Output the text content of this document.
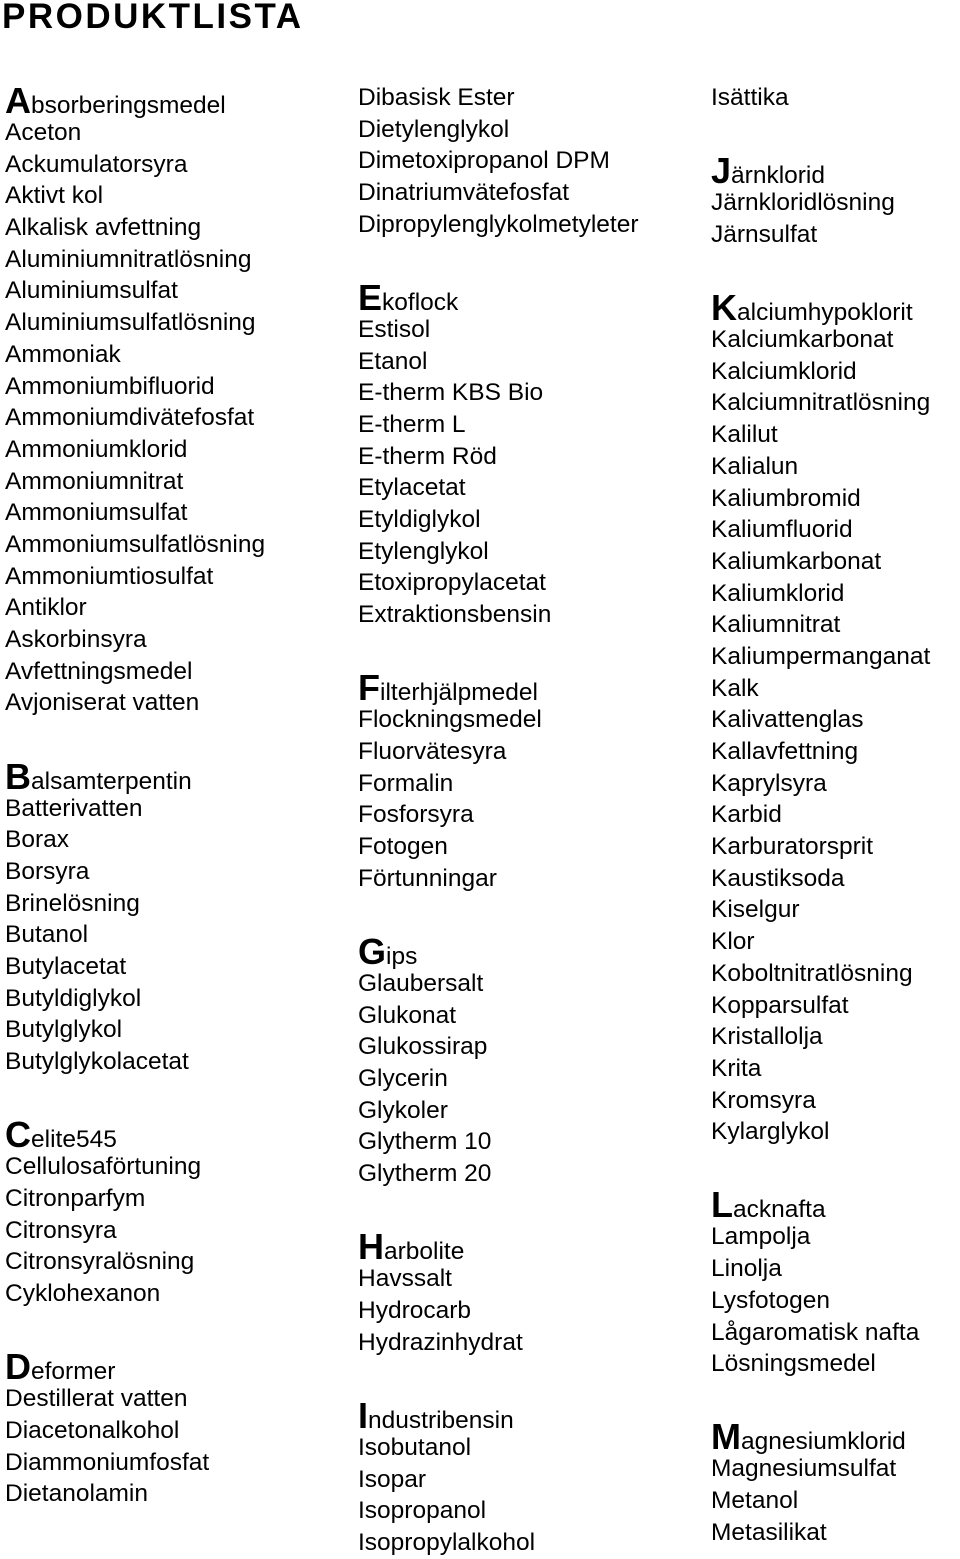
PRODUKTLISTA
Absorberingsmedel
Aceton
Ackumulatorsyra
Aktivt kol
Alkalisk avfettning
Aluminiumnitratlösning
Aluminiumsulfat
Aluminiumsulfatlösning
Ammoniak
Ammoniumbifluorid
Ammoniumdivätefosfat
Ammoniumklorid
Ammoniumnitrat
Ammoniumsulfat
Ammoniumsulfatlösning
Ammoniumtiosulfat
Antiklor
Askorbinsyra
Avfettningsmedel
Avjoniserat vatten
Balsamterpentin
Batterivatten
Borax
Borsyra
Brinelösning
Butanol
Butylacetat
Butyldiglykol
Butylglykol
Butylglykolacetat
Celite545
Cellulosaförtuning
Citronparfym
Citronsyra
Citronsyralösning
Cyklohexanon
Deformer
Destillerat vatten
Diacetonalkohol
Diammoniumfosfat
Dietanolamin
Dibasisk Ester
Dietylenglykol
Dimetoxipropanol DPM
Dinatriumvätefosfat
Dipropylenglykolmetyleter
Ekoflock
Estisol
Etanol
E-therm KBS Bio
E-therm L
E-therm Röd
Etylacetat
Etyldiglykol
Etylenglykol
Etoxipropylacetat
Extraktionsbensin
Filterhjälpmedel
Flockningsmedel
Fluorvätesyra
Formalin
Fosforsyra
Fotogen
Förtunningar
Gips
Glaubersalt
Glukonat
Glukossirap
Glycerin
Glykoler
Glytherm 10
Glytherm 20
Harbolite
Havssalt
Hydrocarb
Hydrazinhydrat
Industribensin
Isobutanol
Isopar
Isopropanol
Isopropylalkohol
Isättika
Järnklorid
Järnkloridlösning
Järnsulfat
Kalciumhypoklorit
Kalciumkarbonat
Kalciumklorid
Kalciumnitratlösning
Kalilut
Kalialun
Kaliumbromid
Kaliumfluorid
Kaliumkarbonat
Kaliumklorid
Kaliumnitrat
Kaliumpermanganat
Kalk
Kalivattenglas
Kallavfettning
Kaprylsyra
Karbid
Karburatorsprit
Kaustiksoda
Kiselgur
Klor
Koboltnitratlösning
Kopparsulfat
Kristallolja
Krita
Kromsyra
Kylarglykol
Lacknafta
Lampolja
Linolja
Lysfotogen
Lågaromatisk nafta
Lösningsmedel
Magnesiumklorid
Magnesiumsulfat
Metanol
Metasilikat
